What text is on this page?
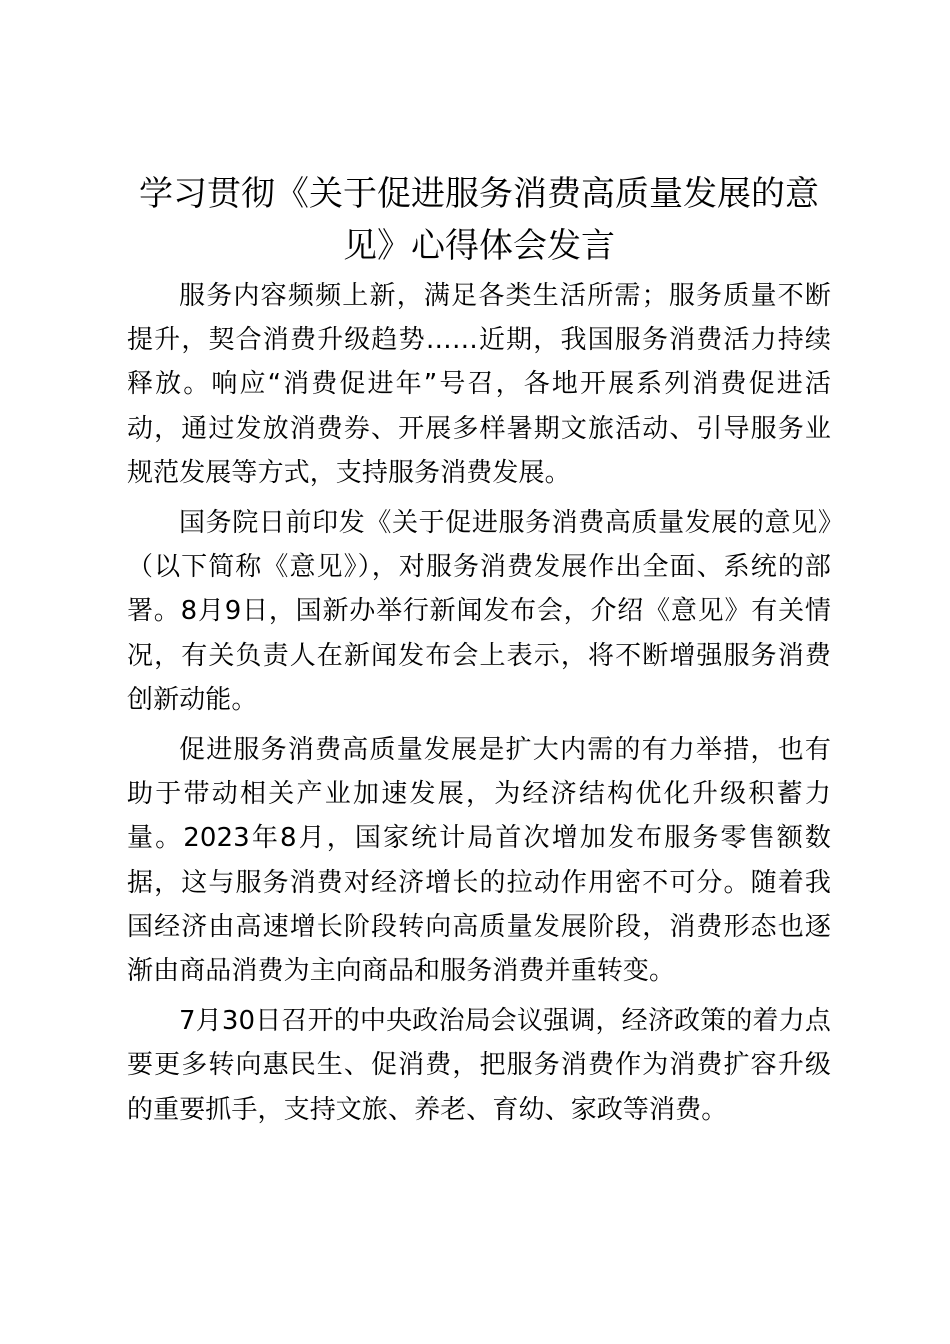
学习贯彻《关于促进服务消费高质量发展的意见》心得体会发言

服务内容频频上新，满足各类生活所需；服务质量不断提升，契合消费升级趋势……近期，我国服务消费活力持续释放。响应“消费促进年”号召，各地开展系列消费促进活动，通过发放消费券、开展多样暑期文旅活动、引导服务业规范发展等方式，支持服务消费发展。

国务院日前印发《关于促进服务消费高质量发展的意见》（以下简称《意见》），对服务消费发展作出全面、系统的部署。8月9日，国新办举行新闻发布会，介绍《意见》有关情况，有关负责人在新闻发布会上表示，将不断增强服务消费创新动能。

促进服务消费高质量发展是扩大内需的有力举措，也有助于带动相关产业加速发展，为经济结构优化升级积蓄力量。2023年8月，国家统计局首次增加发布服务零售额数据，这与服务消费对经济增长的拉动作用密不可分。随着我国经济由高速增长阶段转向高质量发展阶段，消费形态也逐渐由商品消费为主向商品和服务消费并重转变。

7月30日召开的中央政治局会议强调，经济政策的着力点要更多转向惠民生、促消费，把服务消费作为消费扩容升级的重要抓手，支持文旅、养老、育幼、家政等消费。
